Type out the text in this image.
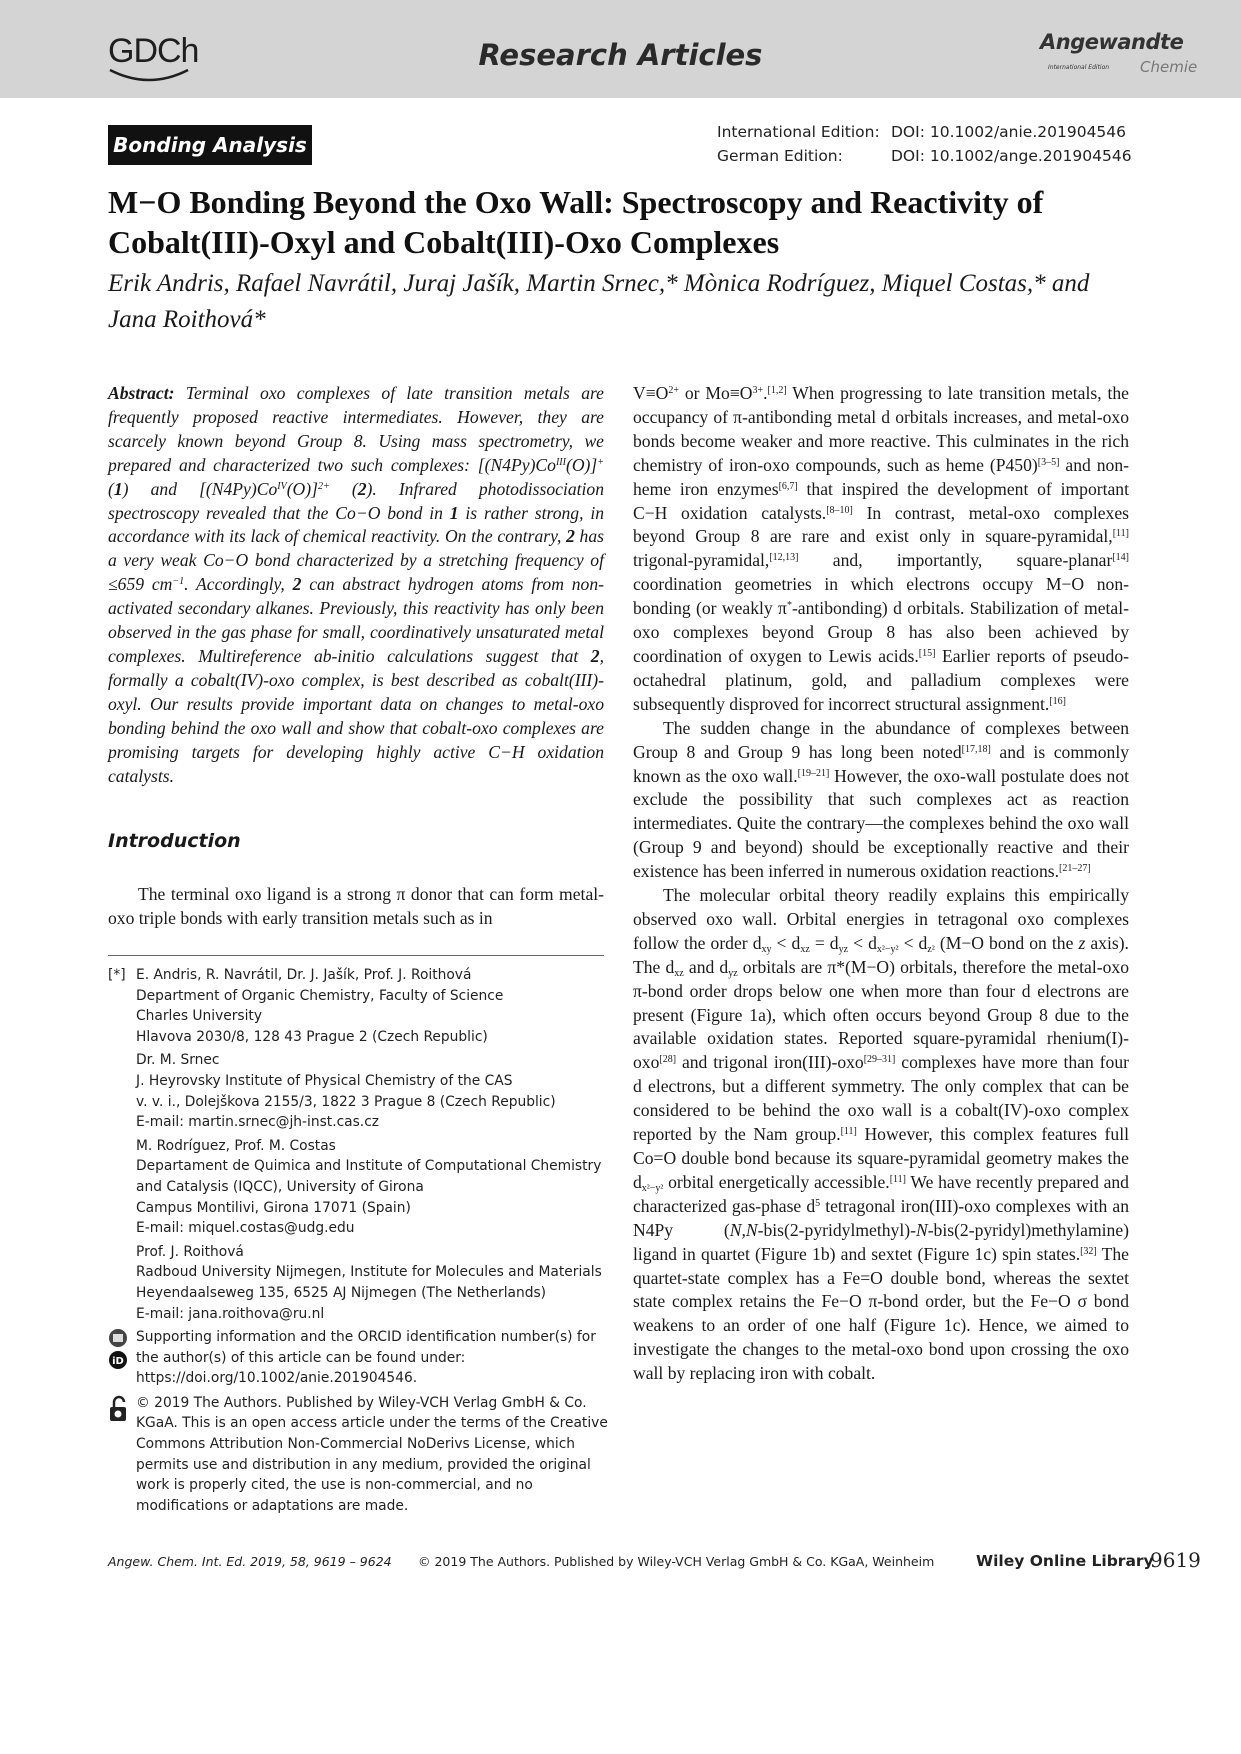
GDCh	Research Articles	Angewandte
International Edition Chemie
Bonding Analysis
International Edition: DOI: 10.1002/anie.201904546
German Edition:	DOI: 10.1002/ange.201904546
M−O Bonding Beyond the Oxo Wall: Spectroscopy and Reactivity of Cobalt(III)-Oxyl and Cobalt(III)-Oxo Complexes

Erik Andris, Rafael Navrátil, Juraj Jašík, Martin Srnec,* Mònica Rodríguez, Miquel Costas,* and Jana Roithová*

Abstract: Terminal oxo complexes of late transition metals are frequently proposed reactive intermediates. However, they are scarcely known beyond Group 8. Using mass spectrometry, we prepared and characterized two such complexes: $[(N4Py)Co^{III}(O)]^+$ (1) and $[(N4Py)Co^{IV}(O)]^{2+}$ (2). Infrared photodissociation spectroscopy revealed that the Co−O bond in 1 is rather strong, in accordance with its lack of chemical reactivity. On the contrary, 2 has a very weak Co−O bond characterized by a stretching frequency of ≤659 $cm^{-1}$. Accordingly, 2 can abstract hydrogen atoms from non-activated secondary alkanes. Previously, this reactivity has only been observed in the gas phase for small, coordinatively unsaturated metal complexes. Multireference ab-initio calculations suggest that 2, formally a cobalt(IV)-oxo complex, is best described as cobalt(III)-oxyl. Our results provide important data on changes to metal-oxo bonding behind the oxo wall and show that cobalt-oxo complexes are promising targets for developing highly active C−H oxidation catalysts.

Introduction

The terminal oxo ligand is a strong π donor that can form metal-oxo triple bonds with early transition metals such as in

[*] E. Andris, R. Navrátil, Dr. J. Jašík, Prof. J. Roithová
Department of Organic Chemistry, Faculty of Science
Charles University
Hlavova 2030/8, 128 43 Prague 2 (Czech Republic)
Dr. M. Srnec
J. Heyrovsky Institute of Physical Chemistry of the CAS
v. v. i., Dolejškova 2155/3, 1822 3 Prague 8 (Czech Republic)
E-mail: martin.srnec@jh-inst.cas.cz
M. Rodríguez, Prof. M. Costas
Departament de Quimica and Institute of Computational Chemistry
and Catalysis (IQCC), University of Girona
Campus Montilivi, Girona 17071 (Spain)
E-mail: miquel.costas@udg.edu
Prof. J. Roithová
Radboud University Nijmegen, Institute for Molecules and Materials
Heyendaalseweg 135, 6525 AJ Nijmegen (The Netherlands)
E-mail: jana.roithova@ru.nl
iD
Supporting information and the ORCID identification number(s) for
the author(s) of this article can be found under:
https://doi.org/10.1002/anie.201904546.
© 2019 The Authors. Published by Wiley-VCH Verlag GmbH & Co.
KGaA. This is an open access article under the terms of the Creative
Commons Attribution Non-Commercial NoDerivs License, which
permits use and distribution in any medium, provided the original
work is properly cited, the use is non-commercial, and no
modifications or adaptations are made.

$V\equiv O^{2+}$ or $Mo\equiv O^{3+}.[1,2]$ When progressing to late transition metals, the occupancy of π-antibonding metal d orbitals increases, and metal-oxo bonds become weaker and more reactive. This culminates in the rich chemistry of iron-oxo compounds, such as heme (P450)[3–5] and non-heme iron enzymes[6,7] that inspired the development of important C−H oxidation catalysts.[8–10] In contrast, metal-oxo complexes beyond Group 8 are rare and exist only in square-pyramidal,[11] trigonal-pyramidal,[12,13] and, importantly, square-planar[14] coordination geometries in which electrons occupy M−O non-bonding (or weakly π*-antibonding) d orbitals. Stabilization of metal-oxo complexes beyond Group 8 has also been achieved by coordination of oxygen to Lewis acids.[15] Earlier reports of pseudo-octahedral platinum, gold, and palladium complexes were subsequently disproved for incorrect structural assignment.[16]

The sudden change in the abundance of complexes between Group 8 and Group 9 has long been noted[17,18] and is commonly known as the oxo wall.[19–21] However, the oxo-wall postulate does not exclude the possibility that such complexes act as reaction intermediates. Quite the contrary—the complexes behind the oxo wall (Group 9 and beyond) should be exceptionally reactive and their existence has been inferred in numerous oxidation reactions.[21–27]

The molecular orbital theory readily explains this empirically observed oxo wall. Orbital energies in tetragonal oxo complexes follow the order $d_{xy} < d_{xz} = d_{yz} < d_{x^2-y^2} < d_{z^2}$ (M−O bond on the z axis). The $d_{xz}$ and $d_{yz}$ orbitals are π*(M−O) orbitals, therefore the metal-oxo π-bond order drops below one when more than four d electrons are present (Figure 1a), which often occurs beyond Group 8 due to the available oxidation states. Reported square-pyramidal rhenium(I)-oxo[28] and trigonal iron(III)-oxo[29–31] complexes have more than four d electrons, but a different symmetry. The only complex that can be considered to be behind the oxo wall is a cobalt(IV)-oxo complex reported by the Nam group.[11] However, this complex features full Co=O double bond because its square-pyramidal geometry makes the $d_{x^2-y^2}$ orbital energetically accessible.[11] We have recently prepared and characterized gas-phase $d^5$ tetragonal iron(III)-oxo complexes with an N4Py (N,N-bis(2-pyridylmethyl)-N-bis(2-pyridyl)methylamine) ligand in quartet (Figure 1b) and sextet (Figure 1c) spin states.[32] The quartet-state complex has a Fe=O double bond, whereas the sextet state complex retains the Fe−O π-bond order, but the Fe−O σ bond weakens to an order of one half (Figure 1c). Hence, we aimed to investigate the changes to the metal-oxo bond upon crossing the oxo wall by replacing iron with cobalt.

Angew. Chem. Int. Ed. 2019, 58, 9619 – 9624 © 2019 The Authors. Published by Wiley-VCH Verlag GmbH & Co. KGaA, Weinheim	Wiley Online Library
9619
